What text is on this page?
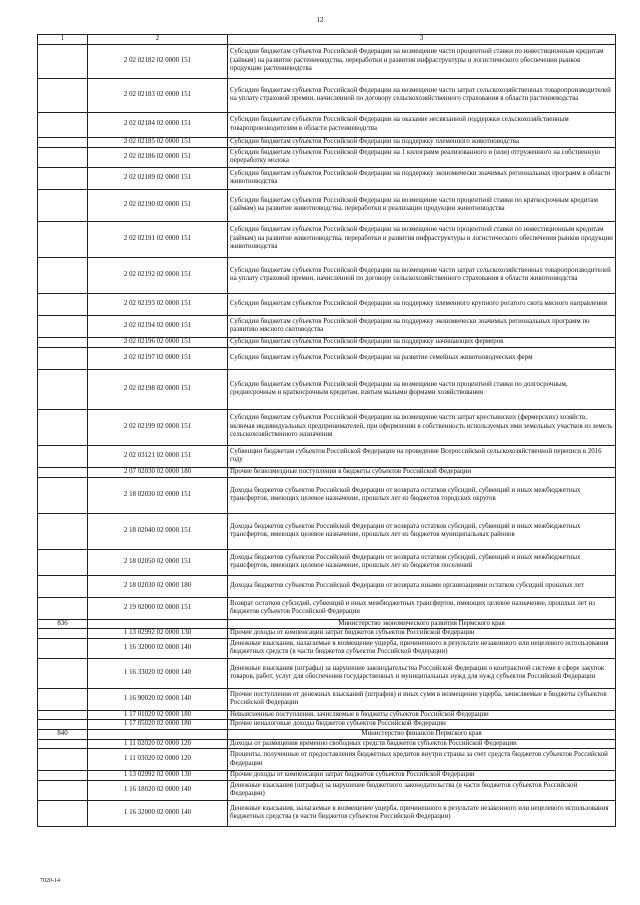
12
1	2	3
	2 02 02182 02 0000 151	Субсидии бюджетам субъектов Российской Федерации на возмещение части процентной ставки по инвестиционным кредитам (займам) на развитие растениеводства, переработки и развития инфраструктуры и логистического обеспечения рынков продукции растениеводства
	2 02 02183 02 0000 151	Субсидии бюджетам субъектов Российской Федерации на возмещение части затрат сельскохозяйственных товаропроизводителей на уплату страховой премии, начисленной по договору сельскохозяйственного страхования в области растениеводства
	2 02 02184 02 0000 151	Субсидии бюджетам субъектов Российской Федерации на оказание несвязанной поддержки сельскохозяйственным товаропроизводителям в области растениеводства
	2 02 02185 02 0000 151	Субсидии бюджетам субъектов Российской Федерации на поддержку племенного животноводства
	2 02 02186 02 0000 151	Субсидии бюджетам субъектов Российской Федерации на 1 килограмм реализованного и (или) отгруженного на собственную переработку молока
	2 02 02189 02 0000 151	Субсидии бюджетам субъектов Российской Федерации на поддержку экономически значимых региональных программ в области животноводства
	2 02 02190 02 0000 151	Субсидии бюджетам субъектов Российской Федерации на возмещение части процентной ставки по краткосрочным кредитам (займам) на развитие животноводства, переработки и реализации продукции животноводства
	2 02 02191 02 0000 151	Субсидии бюджетам субъектов Российской Федерации на возмещение части процентной ставки по инвестиционным кредитам (займам) на развитие животноводства, переработки и развития инфраструктуры и логистического обеспечения рынков продукции животноводства
	2 02 02192 02 0000 151	Субсидии бюджетам субъектов Российской Федерации на возмещение части затрат сельскохозяйственных товаропроизводителей на уплату страховой премии, начисленной по договору сельскохозяйственного страхования в области животноводства
	2 02 02193 02 0000 151	Субсидии бюджетам субъектов Российской Федерации на поддержку племенного крупного рогатого скота мясного направления
	2 02 02194 02 0000 151	Субсидии бюджетам субъектов Российской Федерации на поддержку экономически значимых региональных программ по развитию мясного скотоводства
	2 02 02196 02 0000 151	Субсидии бюджетам субъектов Российской Федерации на поддержку начинающих фермеров
	2 02 02197 02 0000 151	Субсидии бюджетам субъектов Российской Федерации на развитие семейных животноводческих ферм
	2 02 02198 02 0000 151	Субсидии бюджетам субъектов Российской Федерации на возмещение части процентной ставки по долгосрочным, среднесрочным и краткосрочным кредитам, взятым малыми формами хозяйствования
	2 02 02199 02 0000 151	Субсидии бюджетам субъектов Российской Федерации на возмещение части затрат крестьянских (фермерских) хозяйств, включая индивидуальных предпринимателей, при оформлении в собственность используемых ими земельных участков из земель сельскохозяйственного назначения
	2 02 03121 02 0000 151	Субвенции бюджетам субъектов Российской Федерации на проведение Всероссийской сельскохозяйственной переписи в 2016 году
	2 07 02030 02 0000 180	Прочие безвозмездные поступления в бюджеты субъектов Российской Федерации
	2 18 02030 02 0000 151	Доходы бюджетов субъектов Российской Федерации от возврата остатков субсидий, субвенций и иных межбюджетных трансфертов, имеющих целевое назначение, прошлых лет из бюджетов городских округов
	2 18 02040 02 0000 151	Доходы бюджетов субъектов Российской Федерации от возврата остатков субсидий, субвенций и иных межбюджетных трансфертов, имеющих целевое назначение, прошлых лет из бюджетов муниципальных районов
	2 18 02050 02 0000 151	Доходы бюджетов субъектов Российской Федерации от возврата остатков субсидий, субвенций и иных межбюджетных трансфертов, имеющих целевое назначение, прошлых лет из бюджетов поселений
	2 18 02030 02 0000 180	Доходы бюджетов субъектов Российской Федерации от возврата иными организациями остатков субсидий прошлых лет
	2 19 02000 02 0000 151	Возврат остатков субсидий, субвенций и иных межбюджетных трансфертов, имеющих целевое назначение, прошлых лет из бюджетов субъектов Российской Федерации
836		Министерство экономического развития Пермского края
	1 13 02992 02 0000 130	Прочие доходы от компенсации затрат бюджетов субъектов Российской Федерации
	1 16 32000 02 0000 140	Денежные взыскания, налагаемые в возмещение ущерба, причиненного в результате незаконного или нецелевого использования бюджетных средств (в части бюджетов субъектов Российской Федерации)
	1 16 33020 02 0000 140	Денежные взыскания (штрафы) за нарушение законодательства Российской Федерации о контрактной системе в сфере закупок товаров, работ, услуг для обеспечения государственных и муниципальных нужд для нужд субъектов Российской Федерации
	1 16 90020 02 0000 140	Прочие поступления от денежных взысканий (штрафов) и иных сумм в возмещение ущерба, зачисляемые в бюджеты субъектов Российской Федерации
	1 17 01020 02 0000 180	Невыясненные поступления, зачисляемые в бюджеты субъектов Российской Федерации
	1 17 05020 02 0000 180	Прочие неналоговые доходы бюджетов субъектов Российской Федерации
840		Министерство финансов Пермского края
	1 11 02020 02 0000 120	Доходы от размещения временно свободных средств бюджетов субъектов Российской Федерации
	1 11 03020 02 0000 120	Проценты, полученные от предоставления бюджетных кредитов внутри страны за счет средств бюджетов субъектов Российской Федерации
	1 13 02992 02 0000 130	Прочие доходы от компенсации затрат бюджетов субъектов Российской Федерации
	1 16 18020 02 0000 140	Денежные взыскания (штрафы) за нарушение бюджетного законодательства (в части бюджетов субъектов Российской Федерации)
	1 16 32000 02 0000 140	Денежные взыскания, налагаемые в возмещение ущерба, причиненного в результате незаконного или нецелевого использования бюджетных средства (в части бюджетов субъектов Российской Федерации)
7020-14
